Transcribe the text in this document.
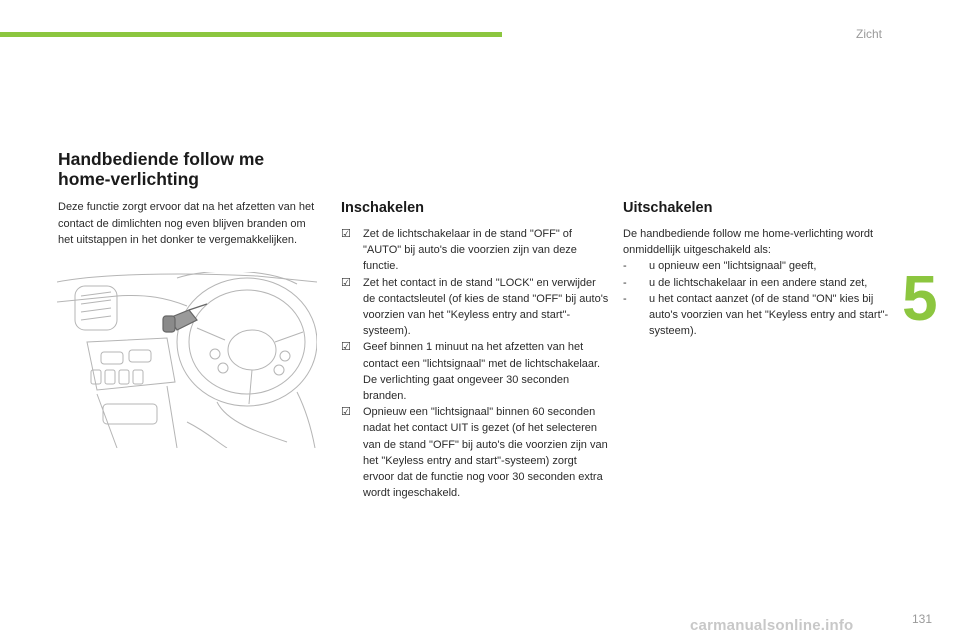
Zicht
5
Handbediende follow me
home-verlichting

Deze functie zorgt ervoor dat na het afzetten van het contact de dimlichten nog even blijven branden om het uitstappen in het donker te vergemakkelijken.

Inschakelen
☑	Zet de lichtschakelaar in de stand "OFF" of "AUTO" bij auto's die voorzien zijn van deze functie.
☑	Zet het contact in de stand "LOCK" en verwijder de contactsleutel (of kies de stand "OFF" bij auto's voorzien van het "Keyless entry and start"-systeem).
☑	Geef binnen 1 minuut na het afzetten van het contact een "lichtsignaal" met de lichtschakelaar.
De verlichting gaat ongeveer 30 seconden branden.
☑	Opnieuw een "lichtsignaal" binnen 60 seconden nadat het contact UIT is gezet (of het selecteren van de stand "OFF" bij auto's die voorzien zijn van het "Keyless entry and start"-systeem) zorgt ervoor dat de functie nog voor 30 seconden extra wordt ingeschakeld.
Uitschakelen

De handbediende follow me home-verlichting wordt onmiddellijk uitgeschakeld als:

-	u opnieuw een "lichtsignaal" geeft,
-	u de lichtschakelaar in een andere stand zet,
-	u het contact aanzet (of de stand "ON" kies bij auto's voorzien van het "Keyless entry and start"-systeem).
carmanualsonline.info	131
